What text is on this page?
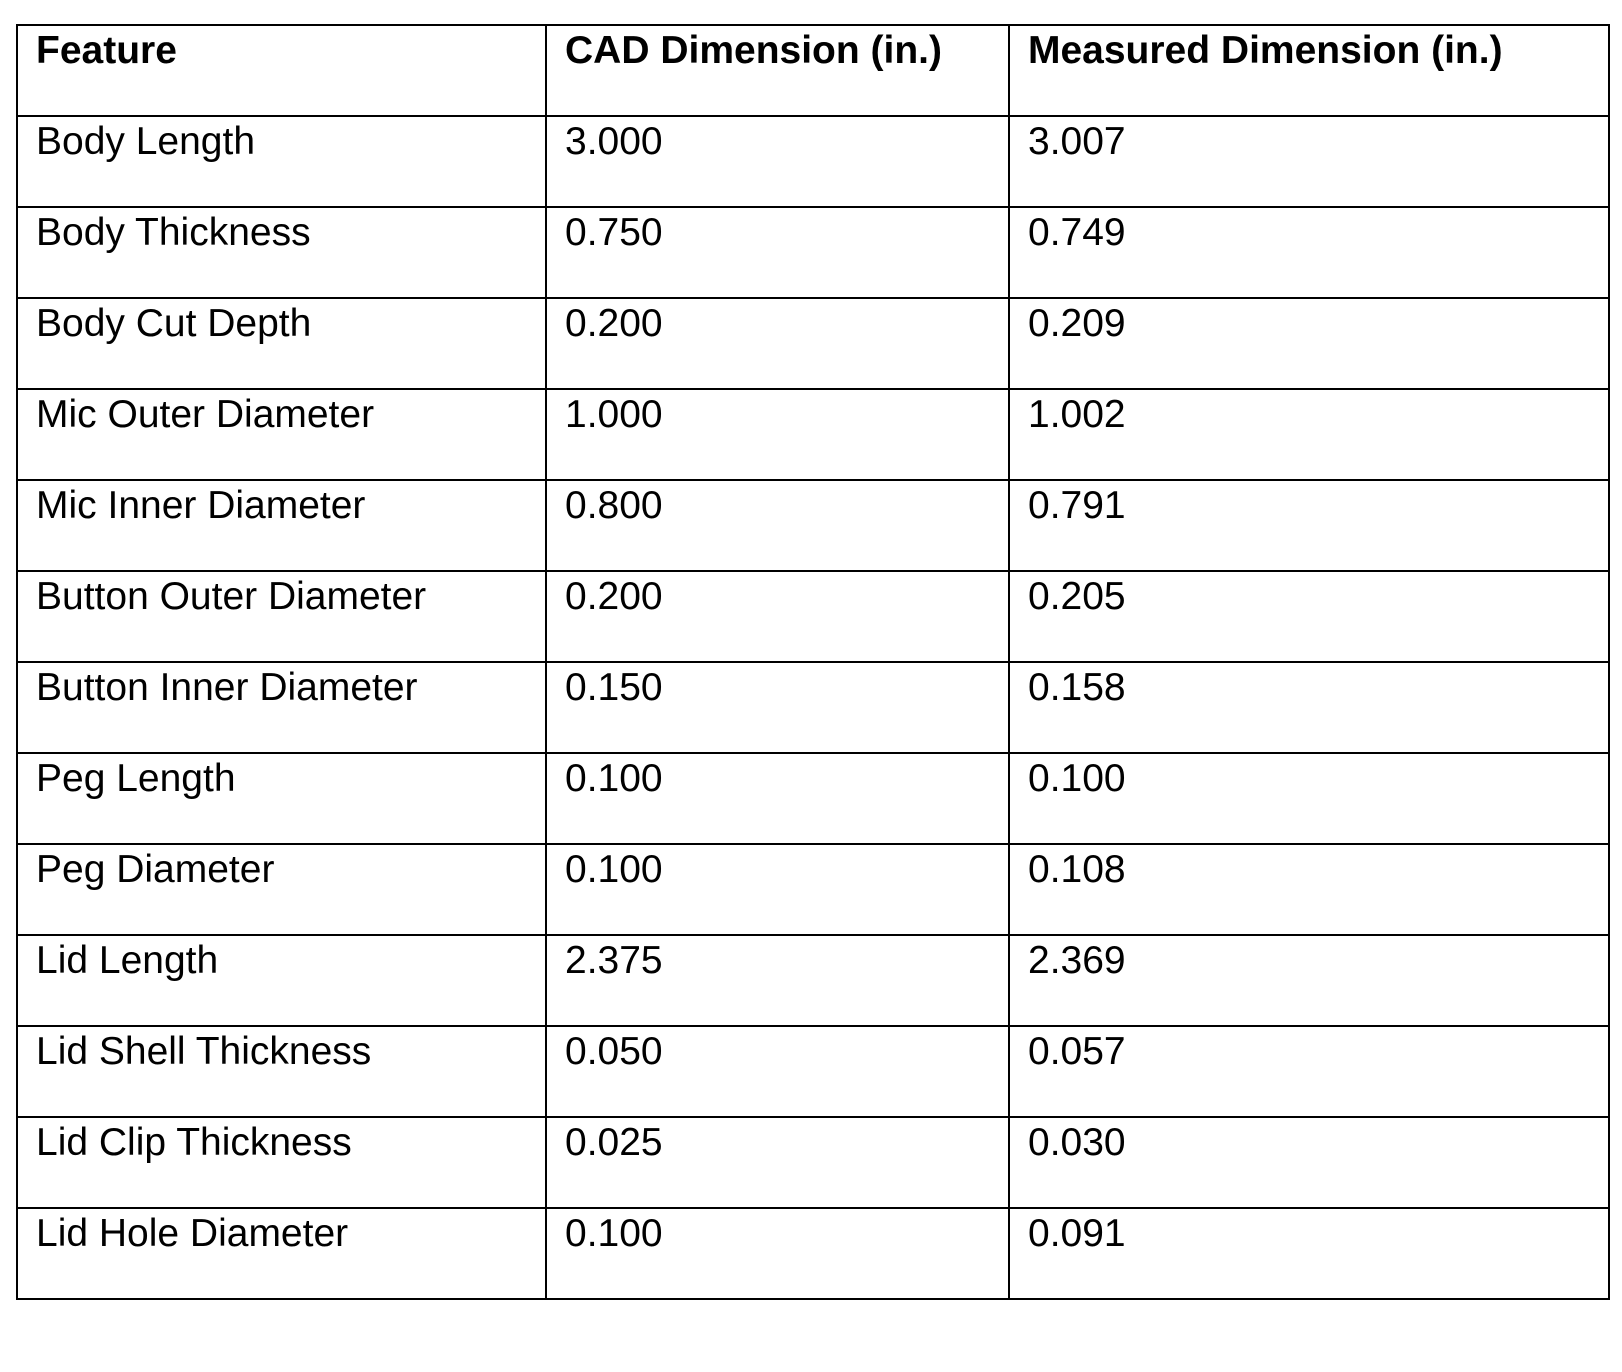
Feature	CAD Dimension (in.)	Measured Dimension (in.)
Body Length	3.000	3.007
Body Thickness	0.750	0.749
Body Cut Depth	0.200	0.209
Mic Outer Diameter	1.000	1.002
Mic Inner Diameter	0.800	0.791
Button Outer Diameter	0.200	0.205
Button Inner Diameter	0.150	0.158
Peg Length	0.100	0.100
Peg Diameter	0.100	0.108
Lid Length	2.375	2.369
Lid Shell Thickness	0.050	0.057
Lid Clip Thickness	0.025	0.030
Lid Hole Diameter	0.100	0.091
